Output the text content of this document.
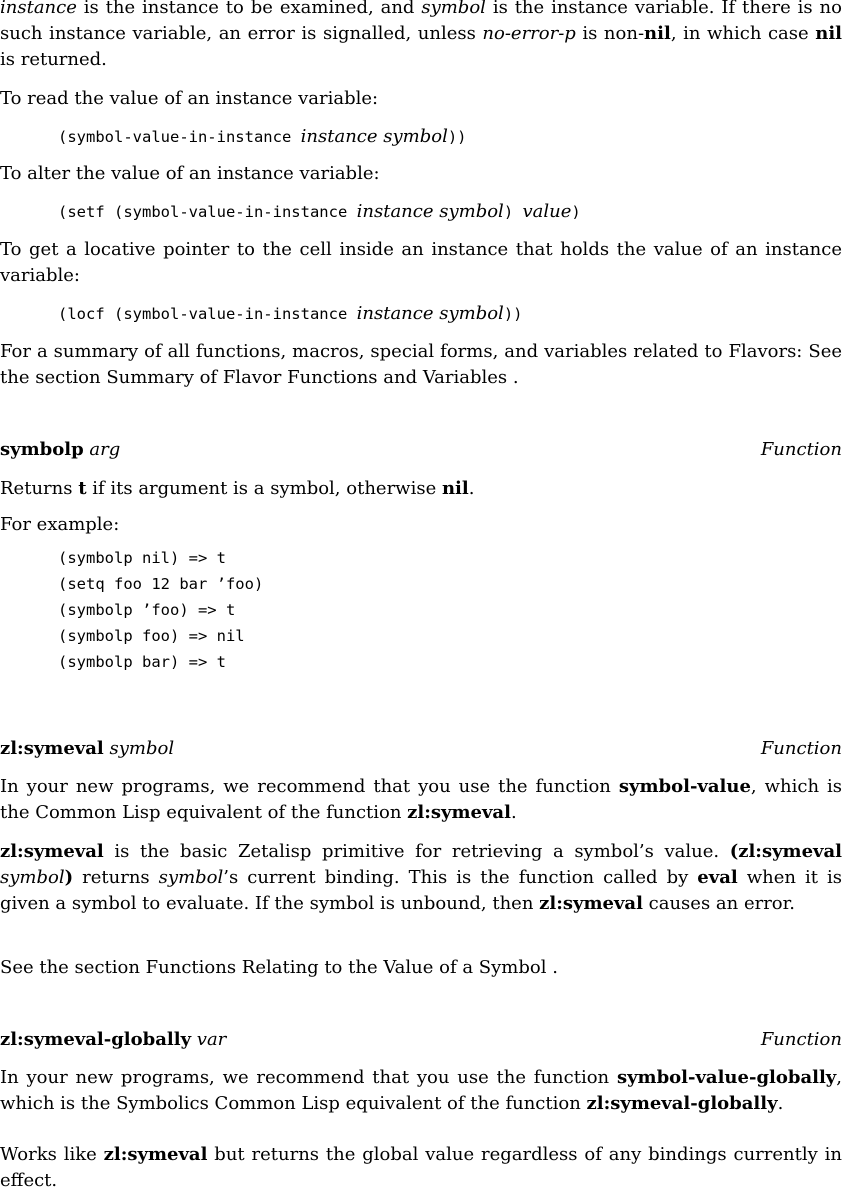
instance is the instance to be examined, and symbol is the instance variable. If there is no such instance variable, an error is signalled, unless no-error-p is non-nil, in which case nil is returned.

To read the value of an instance variable:

(symbol-value-in-instance instance symbol))

To alter the value of an instance variable:

(setf (symbol-value-in-instance instance symbol) value)

To get a locative pointer to the cell inside an instance that holds the value of an instance variable:

(locf (symbol-value-in-instance instance symbol))

For a summary of all functions, macros, special forms, and variables related to Flavors: See the section Summary of Flavor Functions and Variables .

symbolp arg	Function

Returns t if its argument is a symbol, otherwise nil.

For example:

(symbolp nil) => t
(setq foo 12 bar ’foo)
(symbolp ’foo) => t
(symbolp foo) => nil
(symbolp bar) => t
zl:symeval symbol	Function

In your new programs, we recommend that you use the function symbol-value, which is the Common Lisp equivalent of the function zl:symeval.

zl:symeval is the basic Zetalisp primitive for retrieving a symbol’s value. (zl:symeval symbol) returns symbol’s current binding. This is the function called by eval when it is given a symbol to evaluate. If the symbol is unbound, then zl:symeval causes an error.

See the section Functions Relating to the Value of a Symbol .

zl:symeval-globally var	Function

In your new programs, we recommend that you use the function symbol-value-globally, which is the Symbolics Common Lisp equivalent of the function zl:symeval-globally.

Works like zl:symeval but returns the global value regardless of any bindings currently in effect.
